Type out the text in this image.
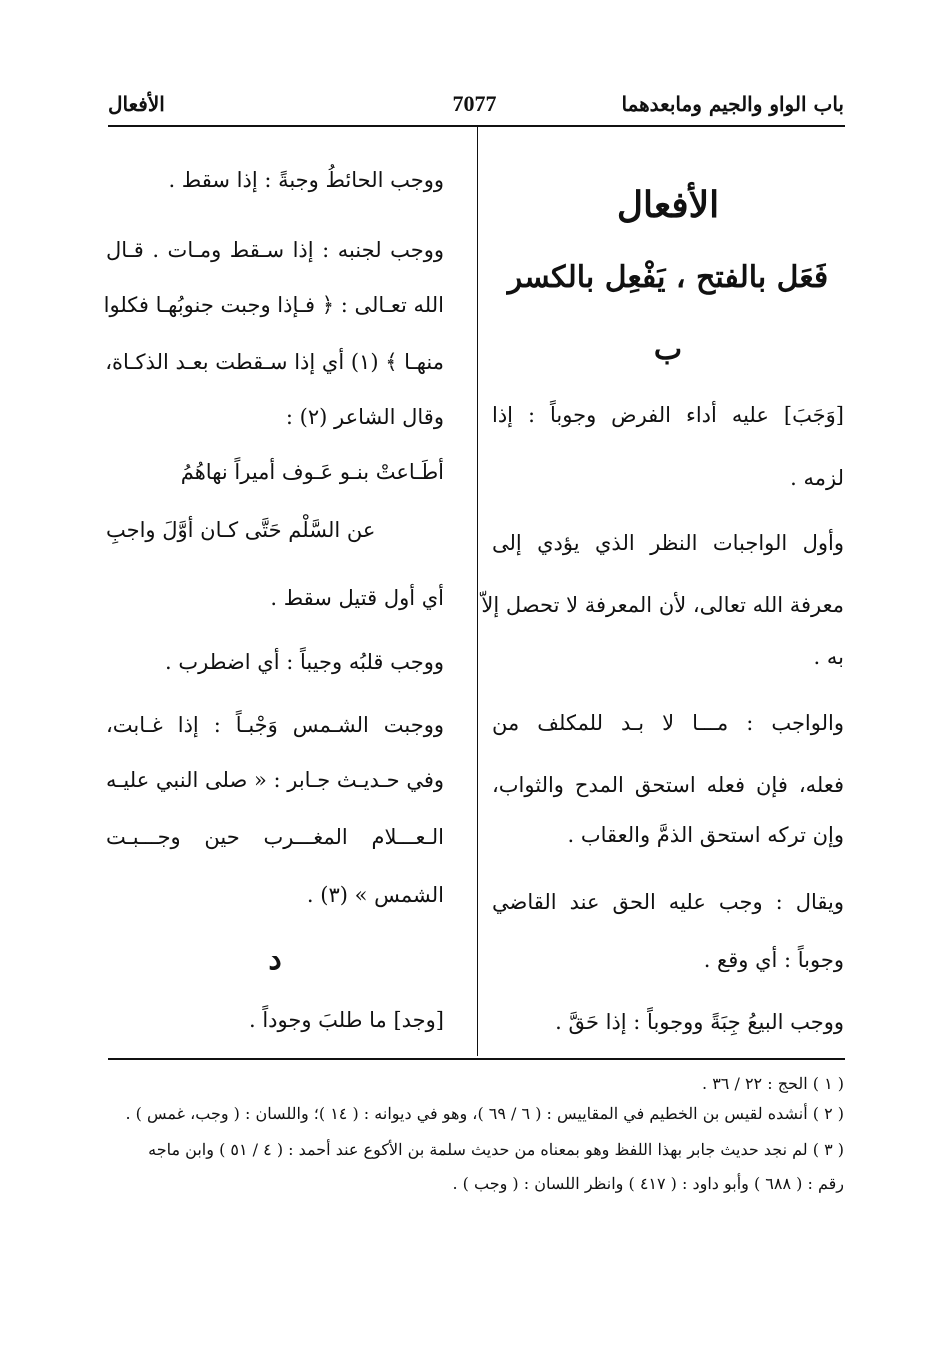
باب الواو والجيم ومابعدهما
7077
الأفعال
الأفعال
فَعَل بالفتح ، يَفْعِل بالكسر
ب
[وَجَبَ] عليه أداء الفرض وجوباً : إذا
لزمه .
وأول الواجبات النظر الذي يؤدي إلى
معرفة الله تعالى، لأن المعرفة لا تحصل إلاّ
به .
والواجب : مـــا لا بـد للمكلف من
فعله، فإن فعله استحق المدح والثواب،
وإن تركه استحق الذمَّ والعقاب .
ويقال : وجب عليه الحق عند القاضي
وجوباً : أي وقع .
ووجب البيعُ جِبَةً ووجوباً : إذا حَقَّ .
ووجب الحائطُ وجبةً : إذا سقط .
ووجب لجنبه : إذا سـقط ومـات . قـال
الله تعـالى : ﴿ فـإذا وجبت جنوبُهـا فكلوا
منهـا ﴾ (١) أي إذا سـقطت بعـد الذكـاة،
وقال الشاعر (٢) :
أطَـاعتْ بنـو عَـوف أميراً نهاهُمُ
عن السَّلْم حَتَّى كـان أوَّلَ واجبِ
أي أول قتيل سقط .
ووجب قلبُه وجيباً : أي اضطرب .
ووجبت الشـمس وَجْبـاً : إذا غـابت،
وفي حـديـث جـابر : « صلى النبي عليـه
الـعـــلام المغـــرب حين وجـــبـت
الشمس » (٣) .
د
[وجد] ما طلبَ وجوداً .
( ١ ) الحج : ٢٢ / ٣٦ .
( ٢ ) أنشده لقيس بن الخطيم في المقاييس : ( ٦ / ٦٩ )، وهو في ديوانه : ( ١٤ )؛ واللسان : ( وجب، غمس ) .
( ٣ ) لم نجد حديث جابر بهذا اللفظ وهو بمعناه من حديث سلمة بن الأكوع عند أحمد : ( ٤ / ٥١ ) وابن ماجه
رقم : ( ٦٨٨ ) وأبو داود : ( ٤١٧ ) وانظر اللسان : ( وجب ) .
